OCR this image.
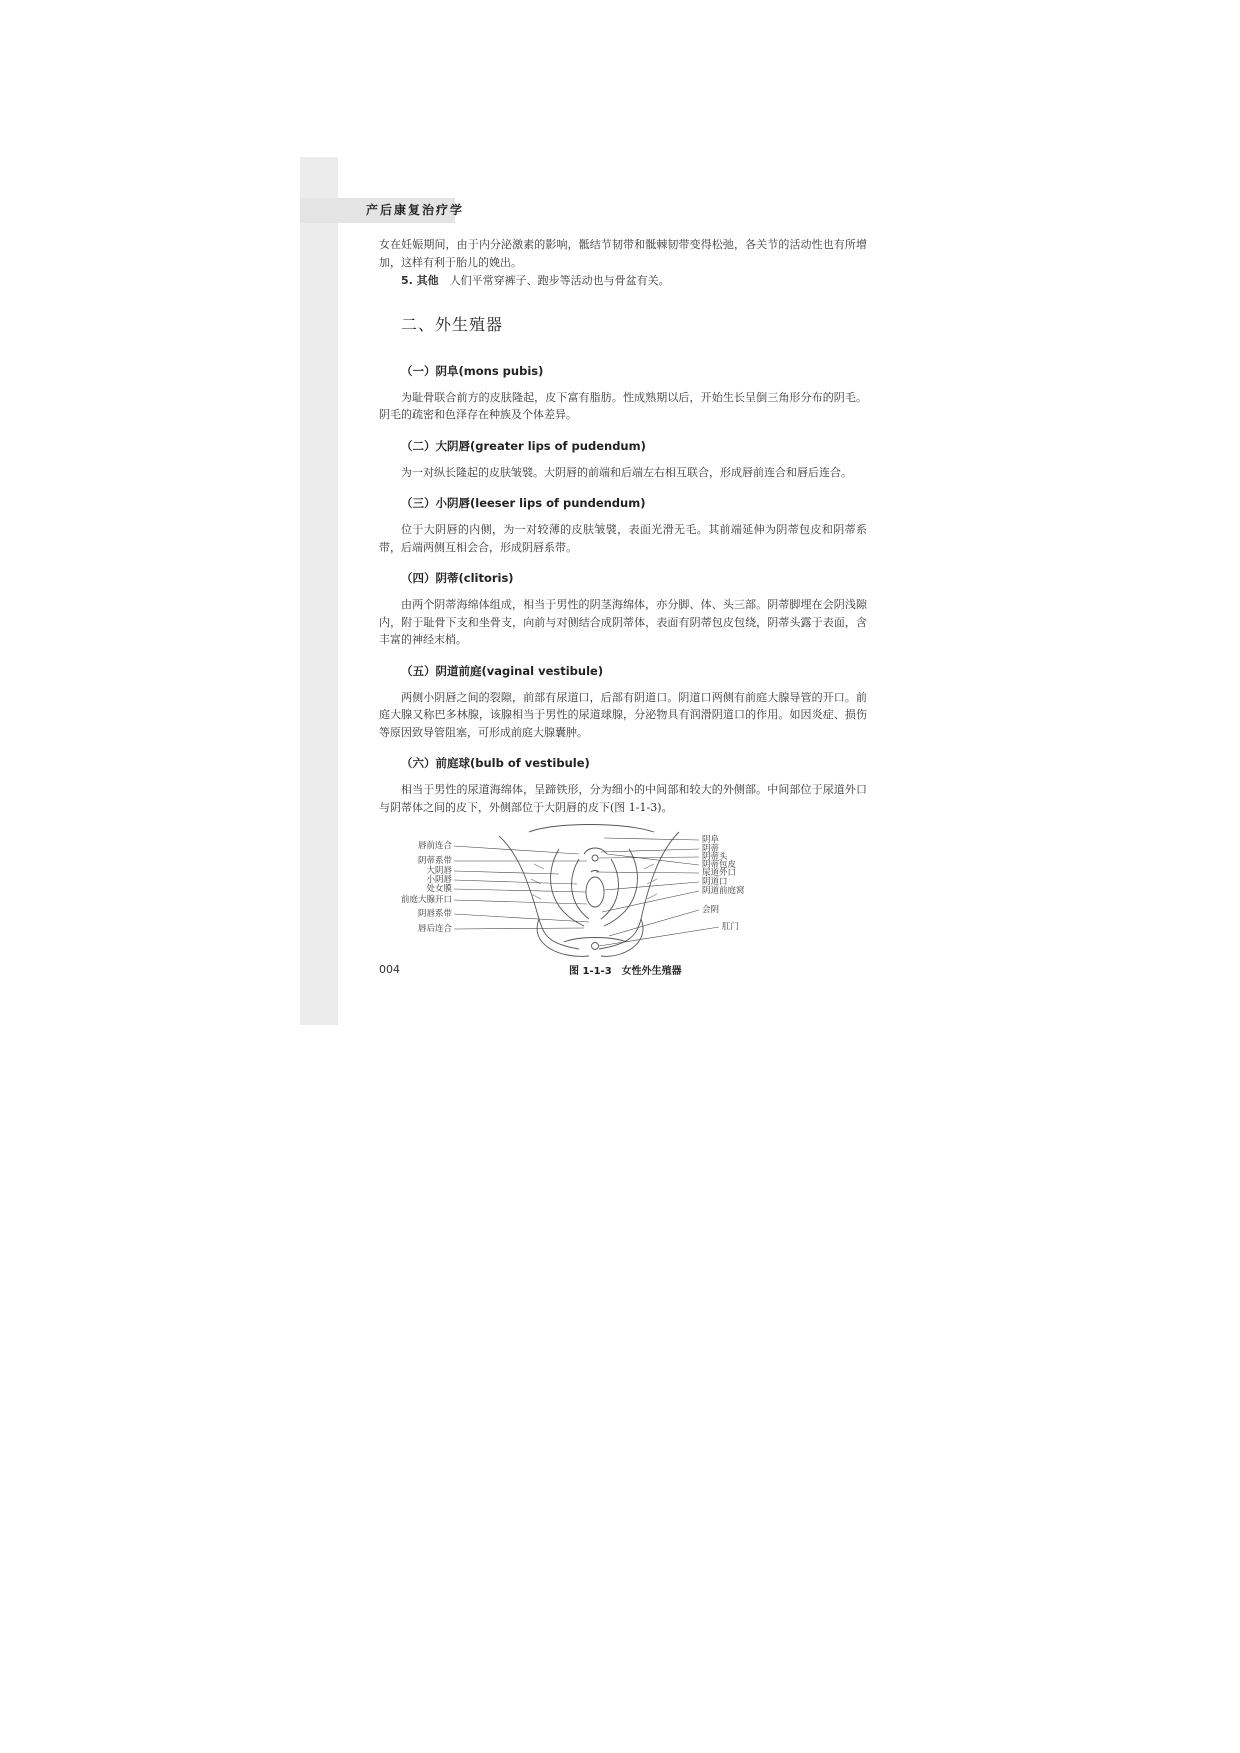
产后康复治疗学

女在妊娠期间，由于内分泌激素的影响，骶结节韧带和骶棘韧带变得松弛，各关节的活动性也有所增加，这样有利于胎儿的娩出。

5. 其他　 人们平常穿裤子、跑步等活动也与骨盆有关。

二、外生殖器
（一）阴阜(mons pubis)

为耻骨联合前方的皮肤隆起，皮下富有脂肪。性成熟期以后，开始生长呈倒三角形分布的阴毛。阴毛的疏密和色泽存在种族及个体差异。

（二）大阴唇(greater lips of pudendum)

为一对纵长隆起的皮肤皱襞。大阴唇的前端和后端左右相互联合，形成唇前连合和唇后连合。

（三）小阴唇(leeser lips of pundendum)

位于大阴唇的内侧，为一对较薄的皮肤皱襞，表面光滑无毛。其前端延伸为阴蒂包皮和阴蒂系带，后端两侧互相会合，形成阴唇系带。

（四）阴蒂(clitoris)

由两个阴蒂海绵体组成，相当于男性的阴茎海绵体，亦分脚、体、头三部。阴蒂脚埋在会阴浅隙内，附于耻骨下支和坐骨支，向前与对侧结合成阴蒂体，表面有阴蒂包皮包绕，阴蒂头露于表面，含丰富的神经末梢。

（五）阴道前庭(vaginal vestibule)

两侧小阴唇之间的裂隙，前部有尿道口，后部有阴道口。阴道口两侧有前庭大腺导管的开口。前庭大腺又称巴多林腺，该腺相当于男性的尿道球腺，分泌物具有润滑阴道口的作用。如因炎症、损伤等原因致导管阻塞，可形成前庭大腺囊肿。

（六）前庭球(bulb of vestibule)

相当于男性的尿道海绵体，呈蹄铁形，分为细小的中间部和较大的外侧部。中间部位于尿道外口与阴蒂体之间的皮下，外侧部位于大阴唇的皮下(图 1-1-3)。

唇前连合
阴蒂系带
大阴唇
小阴唇
处女膜
前庭大腺开口
阴唇系带
唇后连合
阴阜
阴蒂
阴蒂头
阴蒂包皮
尿道外口
阴道口
阴道前庭窝
会阴
肛门
图 1-1-3　女性外生殖器
004
